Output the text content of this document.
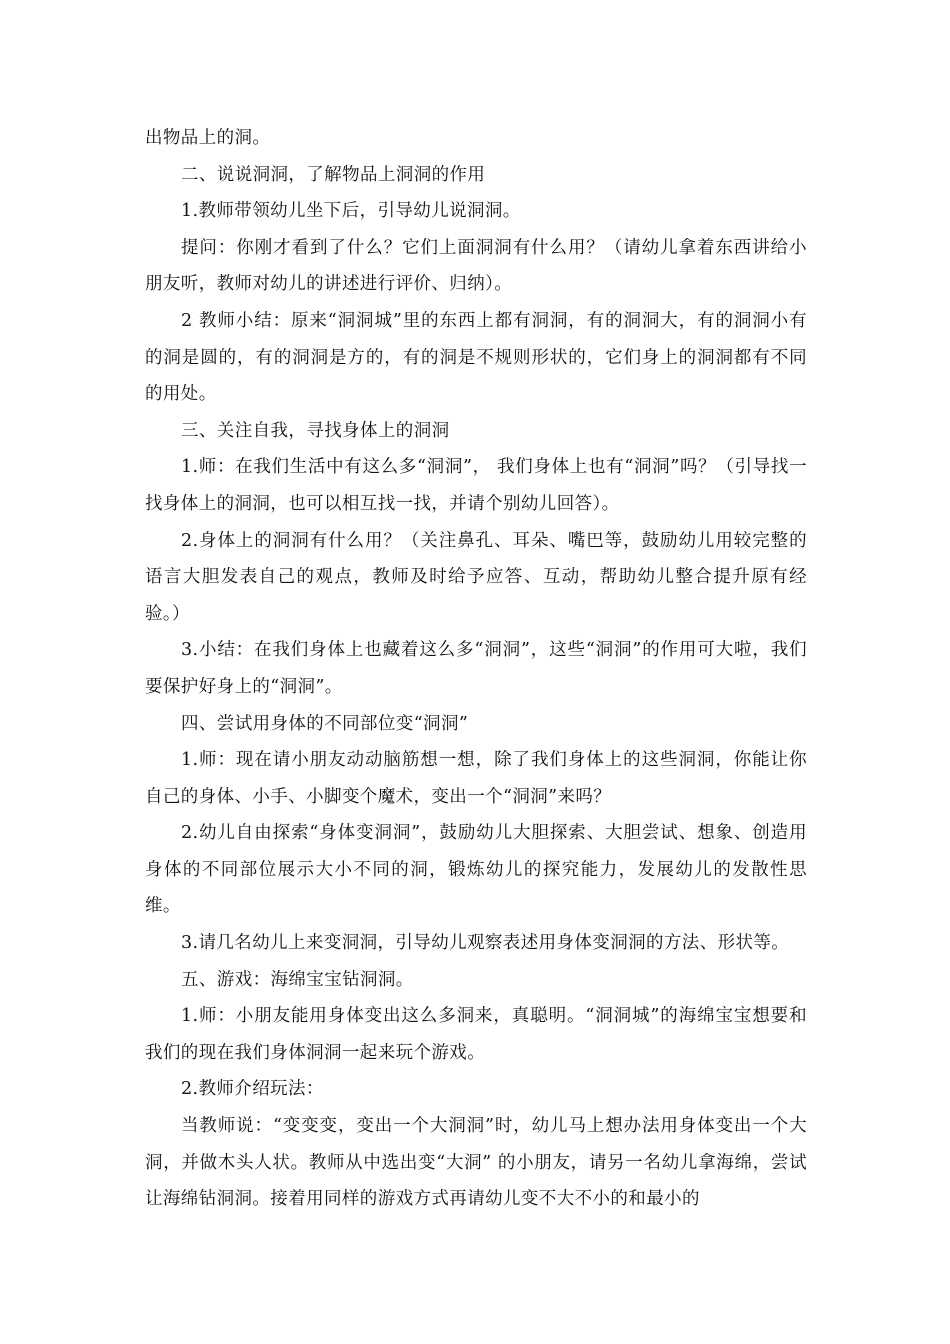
出物品上的洞。

二、说说洞洞，了解物品上洞洞的作用

1.教师带领幼儿坐下后，引导幼儿说洞洞。

提问：你刚才看到了什么？它们上面洞洞有什么用？（请幼儿拿着东西讲给小朋友听，教师对幼儿的讲述进行评价、归纳）。

2 教师小结：原来“洞洞城”里的东西上都有洞洞，有的洞洞大，有的洞洞小有的洞是圆的，有的洞洞是方的，有的洞是不规则形状的，它们身上的洞洞都有不同的用处。

三、关注自我，寻找身体上的洞洞

1.师：在我们生活中有这么多“洞洞”， 我们身体上也有“洞洞”吗？（引导找一找身体上的洞洞，也可以相互找一找，并请个别幼儿回答）。

2.身体上的洞洞有什么用？（关注鼻孔、耳朵、嘴巴等，鼓励幼儿用较完整的语言大胆发表自己的观点，教师及时给予应答、互动，帮助幼儿整合提升原有经验。）

3.小结：在我们身体上也藏着这么多“洞洞”，这些“洞洞”的作用可大啦，我们要保护好身上的“洞洞”。

四、尝试用身体的不同部位变“洞洞”

1.师：现在请小朋友动动脑筋想一想，除了我们身体上的这些洞洞，你能让你自己的身体、小手、小脚变个魔术，变出一个“洞洞”来吗？

2.幼儿自由探索“身体变洞洞”，鼓励幼儿大胆探索、大胆尝试、想象、创造用身体的不同部位展示大小不同的洞，锻炼幼儿的探究能力，发展幼儿的发散性思维。

3.请几名幼儿上来变洞洞，引导幼儿观察表述用身体变洞洞的方法、形状等。

五、游戏：海绵宝宝钻洞洞。

1.师：小朋友能用身体变出这么多洞来，真聪明。“洞洞城”的海绵宝宝想要和我们的现在我们身体洞洞一起来玩个游戏。

2.教师介绍玩法：

当教师说：“变变变，变出一个大洞洞”时，幼儿马上想办法用身体变出一个大洞，并做木头人状。教师从中选出变“大洞” 的小朋友，请另一名幼儿拿海绵，尝试让海绵钻洞洞。接着用同样的游戏方式再请幼儿变不大不小的和最小的
